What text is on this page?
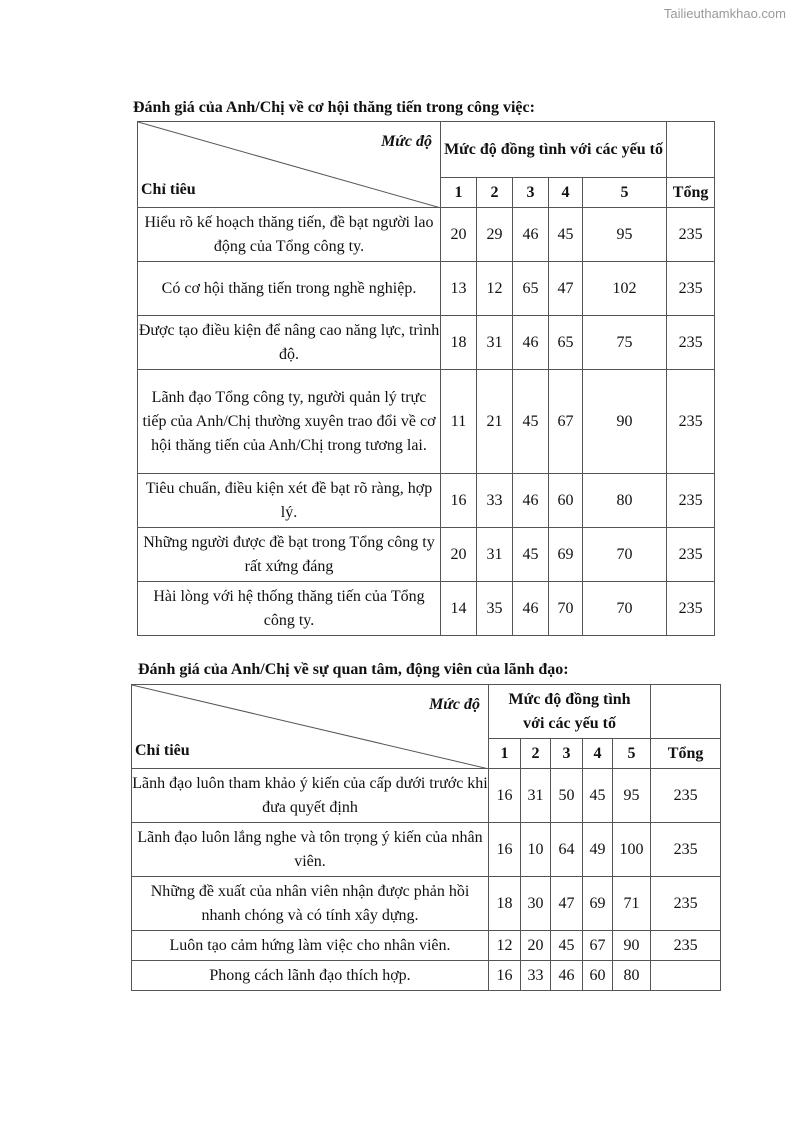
Tailieuthamkhao.com
Đánh giá của Anh/Chị về cơ hội thăng tiến trong công việc:
Mức độ
Chỉ tiêu	Mức độ đồng tình với các yếu tố					
	1	2	3	4	5	Tổng
Hiểu rõ kế hoạch thăng tiến, đề bạt người lao động của Tổng công ty.	20	29	46	45	95	235
Có cơ hội thăng tiến trong nghề nghiệp.	13	12	65	47	102	235
Được tạo điều kiện để nâng cao năng lực, trình độ.	18	31	46	65	75	235
Lãnh đạo Tổng công ty, người quản lý trực tiếp của Anh/Chị thường xuyên trao đổi về cơ hội thăng tiến của Anh/Chị trong tương lai.	11	21	45	67	90	235
Tiêu chuẩn, điều kiện xét đề bạt rõ ràng, hợp lý.	16	33	46	60	80	235
Những người được đề bạt trong Tổng công ty rất xứng đáng	20	31	45	69	70	235
Hài lòng với hệ thống thăng tiến của Tổng công ty.	14	35	46	70	70	235
Đánh giá của Anh/Chị về sự quan tâm, động viên của lãnh đạo:
Mức độ
Chỉ tiêu	Mức độ đồng tình với các yếu tố					
	1	2	3	4	5	Tổng
Lãnh đạo luôn tham khảo ý kiến của cấp dưới trước khi đưa quyết định	16	31	50	45	95	235
Lãnh đạo luôn lắng nghe và tôn trọng ý kiến của nhân viên.	16	10	64	49	100	235
Những đề xuất của nhân viên nhận được phản hồi nhanh chóng và có tính xây dựng.	18	30	47	69	71	235
Luôn tạo cảm hứng làm việc cho nhân viên.	12	20	45	67	90	235
Phong cách lãnh đạo thích hợp.	16	33	46	60	80	
